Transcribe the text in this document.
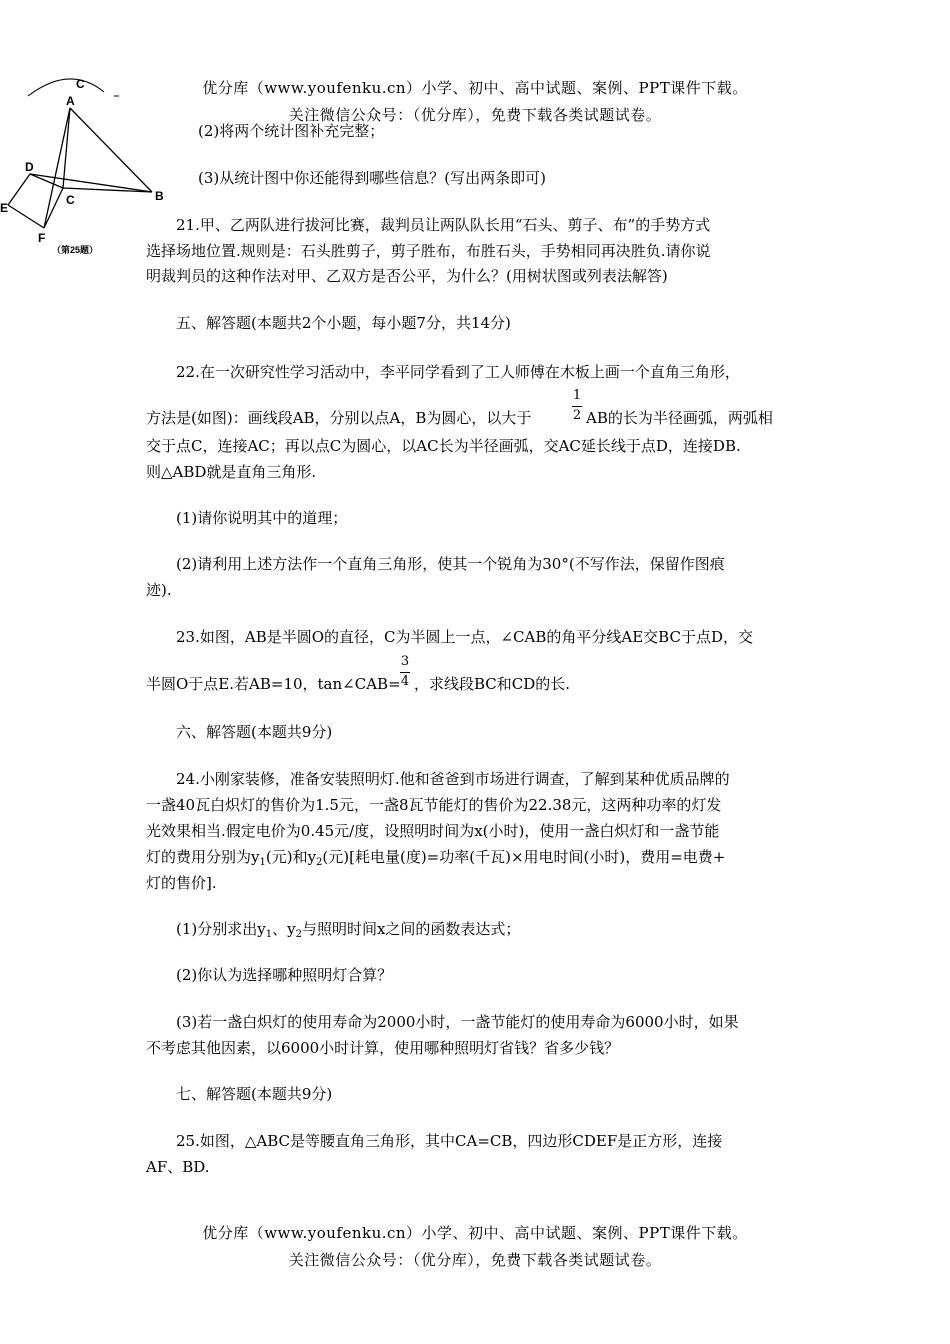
优分库（www.youfenku.cn）小学、初中、高中试题、案例、PPT课件下载。
关注微信公众号：（优分库），免费下载各类试题试卷。
C
A
D
C	B
E
F
（第25题）
(2)将两个统计图补充完整；
(3)从统计图中你还能得到哪些信息？(写出两条即可)
21.甲、乙两队进行拔河比赛，裁判员让两队队长用“石头、剪子、布”的手势方式
选择场地位置.规则是：石头胜剪子，剪子胜布，布胜石头，手势相同再决胜负.请你说
明裁判员的这种作法对甲、乙双方是否公平，为什么？(用树状图或列表法解答)
五、解答题(本题共2个小题，每小题7分，共14分)
22.在一次研究性学习活动中，李平同学看到了工人师傅在木板上画一个直角三角形，
方法是(如图)：画线段AB，分别以点A，B为圆心，以大于
1
2 AB的长为半径画弧，两弧相
交于点C，连接AC；再以点C为圆心，以AC长为半径画弧，交AC延长线于点D，连接DB.
则△ABD就是直角三角形.
(1)请你说明其中的道理；
(2)请利用上述方法作一个直角三角形，使其一个锐角为30°(不写作法，保留作图痕
迹).
23.如图，AB是半圆O的直径，C为半圆上一点，∠CAB的角平分线AE交BC于点D，交
半圆O于点E.若AB=10，tan∠CAB=
3
4 ，求线段BC和CD的长.
六、解答题(本题共9分)
24.小刚家装修，准备安装照明灯.他和爸爸到市场进行调查，了解到某种优质品牌的
一盏40瓦白炽灯的售价为1.5元，一盏8瓦节能灯的售价为22.38元，这两种功率的灯发
光效果相当.假定电价为0.45元/度，设照明时间为x(小时)，使用一盏白炽灯和一盏节能
灯的费用分别为$y_1$(元)和$y_2$(元)[耗电量(度)=功率(千瓦)×用电时间(小时)，费用=电费+
灯的售价].
(1)分别求出$y_1$、$y_2$与照明时间x之间的函数表达式；
(2)你认为选择哪种照明灯合算？
(3)若一盏白炽灯的使用寿命为2000小时，一盏节能灯的使用寿命为6000小时，如果
不考虑其他因素，以6000小时计算，使用哪种照明灯省钱？省多少钱？
七、解答题(本题共9分)
25.如图，△ABC是等腰直角三角形，其中CA=CB，四边形CDEF是正方形，连接
AF、BD.
优分库（www.youfenku.cn）小学、初中、高中试题、案例、PPT课件下载。
关注微信公众号：（优分库），免费下载各类试题试卷。
